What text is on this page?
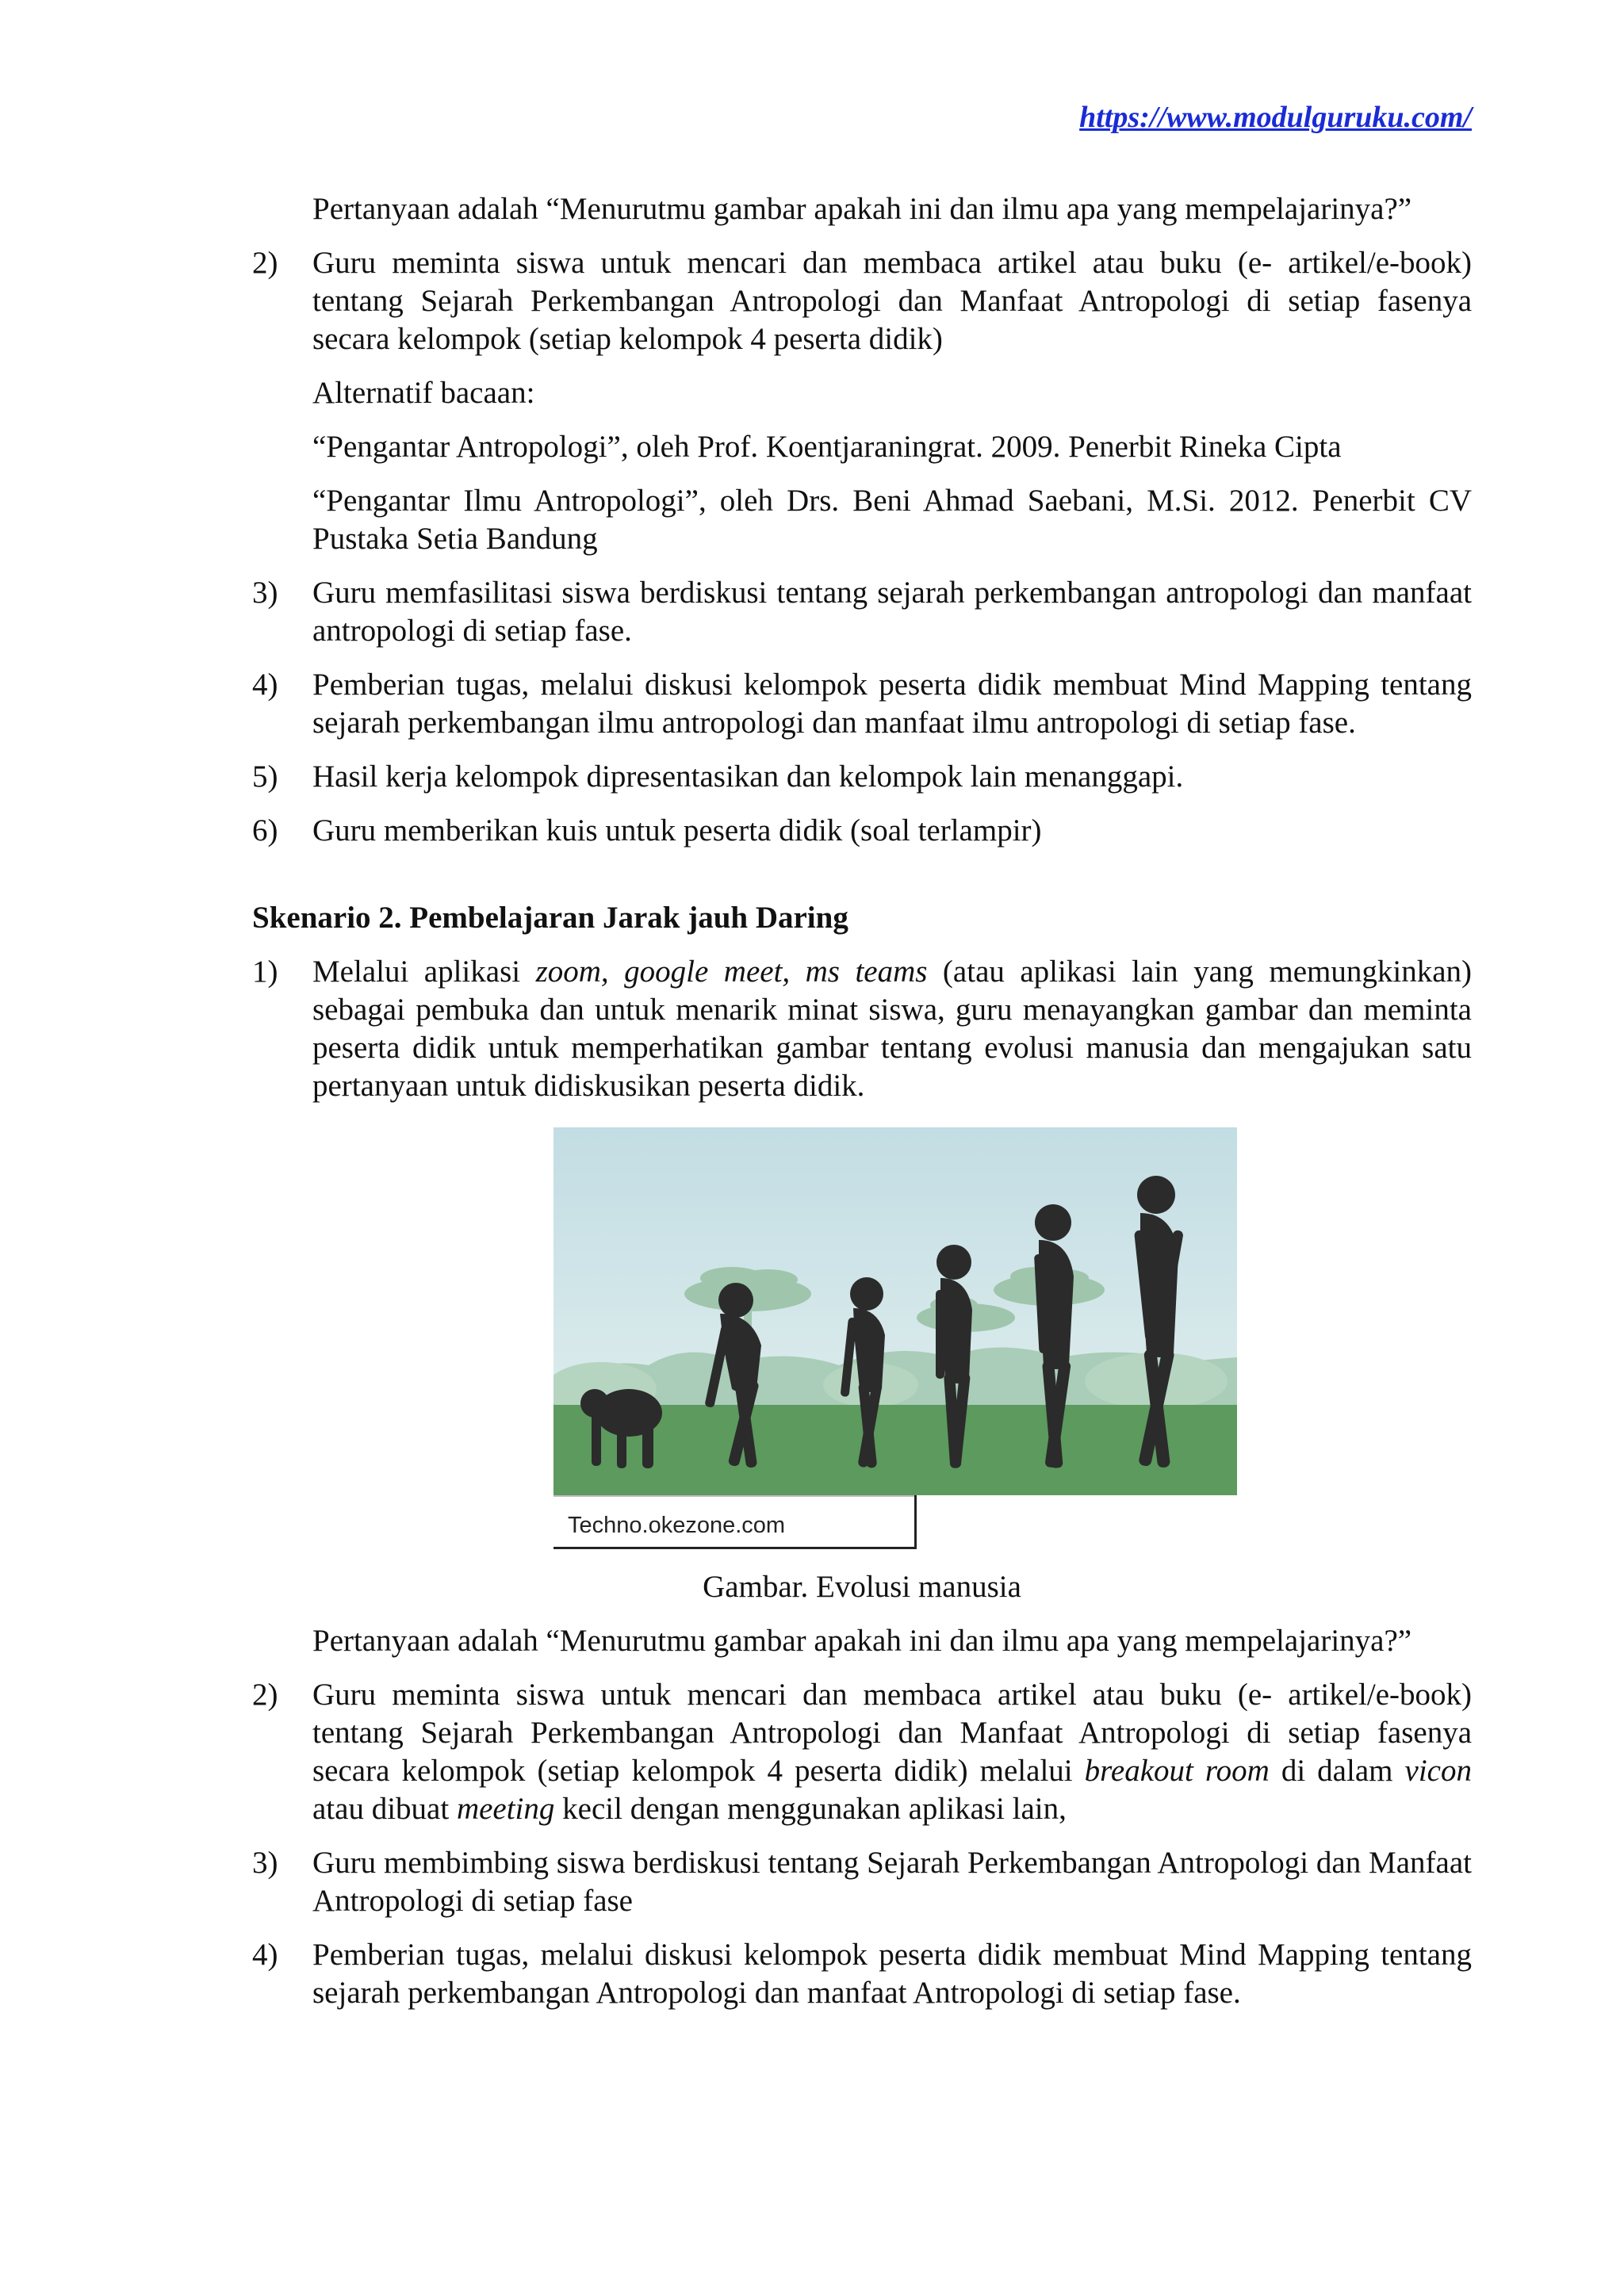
https://www.modulguruku.com/

Pertanyaan adalah “Menurutmu gambar apakah ini dan ilmu apa yang mempelajarinya?”

2) Guru meminta siswa untuk mencari dan membaca artikel atau buku (e- artikel/e-book) tentang Sejarah Perkembangan Antropologi dan Manfaat Antropologi di setiap fasenya secara kelompok (setiap kelompok 4 peserta didik)

Alternatif bacaan:

“Pengantar Antropologi”, oleh Prof. Koentjaraningrat. 2009. Penerbit Rineka Cipta

“Pengantar Ilmu Antropologi”, oleh Drs. Beni Ahmad Saebani, M.Si. 2012. Penerbit CV Pustaka Setia Bandung

3) Guru memfasilitasi siswa berdiskusi tentang sejarah perkembangan antropologi dan manfaat antropologi di setiap fase.
4) Pemberian tugas, melalui diskusi kelompok peserta didik membuat Mind Mapping tentang sejarah perkembangan ilmu antropologi dan manfaat ilmu antropologi di setiap fase.
5) Hasil kerja kelompok dipresentasikan dan kelompok lain menanggapi.
6) Guru memberikan kuis untuk peserta didik (soal terlampir)

Skenario 2. Pembelajaran Jarak jauh Daring

1) Melalui aplikasi zoom, google meet, ms teams (atau aplikasi lain yang memungkinkan) sebagai pembuka dan untuk menarik minat siswa, guru menayangkan gambar dan meminta peserta didik untuk memperhatikan gambar tentang evolusi manusia dan mengajukan satu pertanyaan untuk didiskusikan peserta didik.
Techno.okezone.com

Gambar. Evolusi manusia

Pertanyaan adalah “Menurutmu gambar apakah ini dan ilmu apa yang mempelajarinya?”

2) Guru meminta siswa untuk mencari dan membaca artikel atau buku (e- artikel/e-book) tentang Sejarah Perkembangan Antropologi dan Manfaat Antropologi di setiap fasenya secara kelompok (setiap kelompok 4 peserta didik) melalui breakout room di dalam vicon atau dibuat meeting kecil dengan menggunakan aplikasi lain,
3) Guru membimbing siswa berdiskusi tentang Sejarah Perkembangan Antropologi dan Manfaat Antropologi di setiap fase
4) Pemberian tugas, melalui diskusi kelompok peserta didik membuat Mind Mapping tentang sejarah perkembangan Antropologi dan manfaat Antropologi di setiap fase.
